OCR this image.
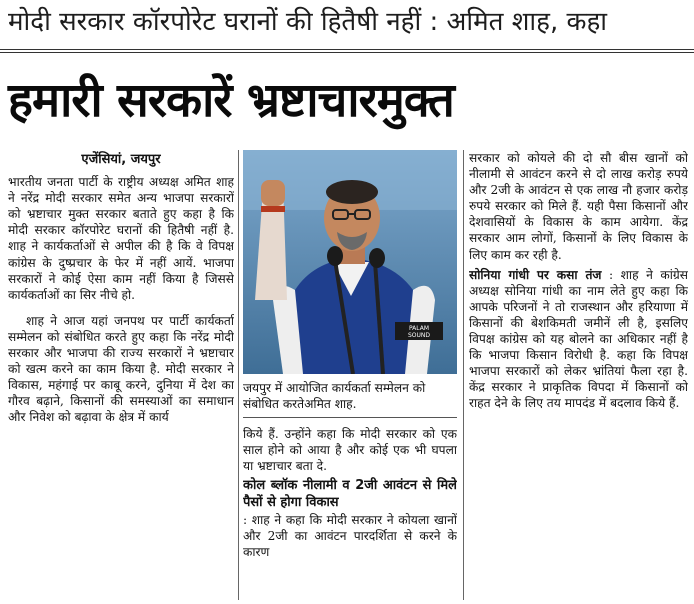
मोदी सरकार कॉरपोरेट घरानों की हितैषी नहीं : अमित शाह, कहा
हमारी सरकारें भ्रष्टाचारमुक्त
एजेंसियां, जयपुर

भारतीय जनता पार्टी के राष्ट्रीय अध्यक्ष अमित शाह ने नरेंद्र मोदी सरकार समेत अन्य भाजपा सरकारों को भ्रष्टाचार मुक्त सरकार बताते हुए कहा है कि मोदी सरकार कॉरपोरेट घरानों की हितैषी नहीं है. शाह ने कार्यकर्ताओं से अपील की है कि वे विपक्ष कांग्रेस के दुष्प्रचार के फेर में नहीं आयें. भाजपा सरकारों ने कोई ऐसा काम नहीं किया है जिससे कार्यकर्ताओं का सिर नीचे हो.

शाह ने आज यहां जनपथ पर पार्टी कार्यकर्ता सम्मेलन को संबोधित करते हुए कहा कि नरेंद्र मोदी सरकार और भाजपा की राज्य सरकारों ने भ्रष्टाचार को खत्म करने का काम किया है. मोदी सरकार ने विकास, महंगाई पर काबू करने, दुनिया में देश का गौरव बढ़ाने, किसानों की समस्याओं का समाधान और निवेश को बढ़ावा के क्षेत्र में कार्य

PALAM SOUND
जयपुर में आयोजित कार्यकर्ता सम्मेलन को संबोधित करतेअमित शाह.

किये हैं. उन्होंने कहा कि मोदी सरकार को एक साल होने को आया है और कोई एक भी घपला या भ्रष्टाचार बता दे.

कोल ब्लॉक नीलामी व 2जी आवंटन से मिले पैसों से होगा विकास

: शाह ने कहा कि मोदी सरकार ने कोयला खानों और 2जी का आवंटन पारदर्शिता से करने के कारण

सरकार को कोयले की दो सौ बीस खानों को नीलामी से आवंटन करने से दो लाख करोड़ रुपये और 2जी के आवंटन से एक लाख नौ हजार करोड़ रुपये सरकार को मिले हैं. यही पैसा किसानों और देशवासियों के विकास के काम आयेगा. केंद्र सरकार आम लोगों, किसानों के लिए विकास के लिए काम कर रही है.

सोनिया गांधी पर कसा तंज : शाह ने कांग्रेस अध्यक्ष सोनिया गांधी का नाम लेते हुए कहा कि आपके परिजनों ने तो राजस्थान और हरियाणा में किसानों की बेशकिमती जमीनें ली है, इसलिए विपक्ष कांग्रेस को यह बोलने का अधिकार नहीं है कि भाजपा किसान विरोधी है. कहा कि विपक्ष भाजपा सरकारों को लेकर भ्रांतियां फैला रहा है. केंद्र सरकार ने प्राकृतिक विपदा में किसानों को राहत देने के लिए तय मापदंड में बदलाव किये हैं.
